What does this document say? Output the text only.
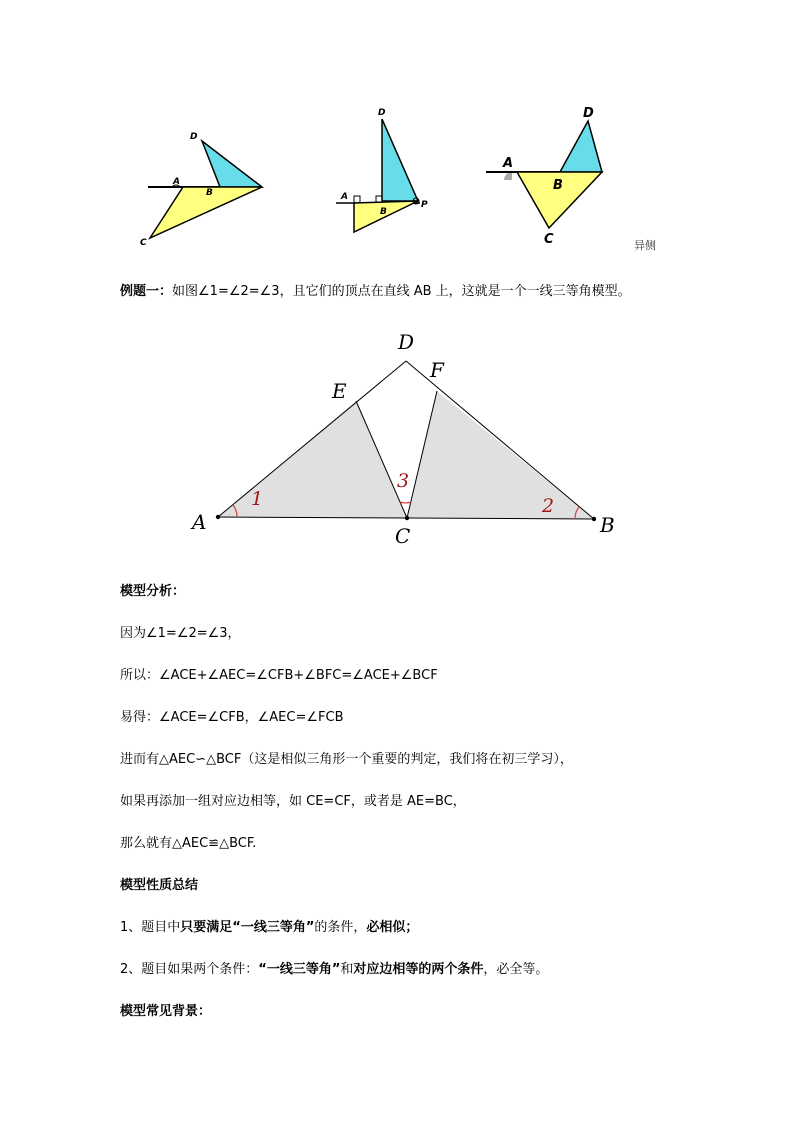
D
A
B
C
D
A
B
P
D
A
B
C	异侧
例题一：如图∠1=∠2=∠3，且它们的顶点在直线 AB 上，这就是一个一线三等角模型。
D
F
E
A
C	B
1	2
3
模型分析：
因为∠1=∠2=∠3，
所以：∠ACE+∠AEC=∠CFB+∠BFC=∠ACE+∠BCF
易得：∠ACE=∠CFB，∠AEC=∠FCB
进而有△AEC∽△BCF（这是相似三角形一个重要的判定，我们将在初三学习），
如果再添加一组对应边相等，如 CE=CF，或者是 AE=BC，
那么就有△AEC≌△BCF.
模型性质总结
1、题目中只要满足“一线三等角”的条件，必相似；
2、题目如果两个条件：“一线三等角”和对应边相等的两个条件，必全等。
模型常见背景：
